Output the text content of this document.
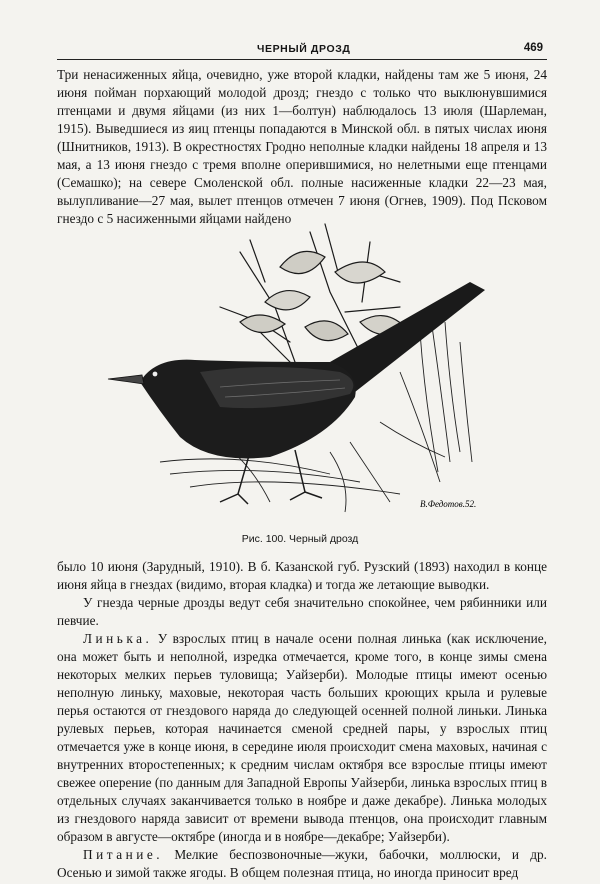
ЧЕРНЫЙ ДРОЗД	469

Три ненасиженных яйца, очевидно, уже второй кладки, найдены там же 5 июня, 24 июня пойман порхающий молодой дрозд; гнездо с только что выклюнувшимися птенцами и двумя яйцами (из них 1—болтун) наблюдалось 13 июля (Шарлеман, 1915). Выведшиеся из яиц птенцы попадаются в Минской обл. в пятых числах июня (Шнитников, 1913). В окрестностях Гродно неполные кладки найдены 18 апреля и 13 мая, а 13 июня гнездо с тремя вполне оперившимися, но нелетными еще птенцами (Семашко); на севере Смоленской обл. полные насиженные кладки 22—23 мая, вылупливание—27 мая, вылет птенцов отмечен 7 июня (Огнев, 1909). Под Псковом гнездо с 5 насиженными яйцами найдено

В.Федотов.52.
Рис. 100. Черный дрозд

было 10 июня (Зарудный, 1910). В б. Казанской губ. Рузский (1893) находил в конце июня яйца в гнездах (видимо, вторая кладка) и тогда же летающие выводки.

У гнезда черные дрозды ведут себя значительно спокойнее, чем рябинники или певчие.

Линька. У взрослых птиц в начале осени полная линька (как исключение, она может быть и неполной, изредка отмечается, кроме того, в конце зимы смена некоторых мелких перьев туловища; Уайзерби). Молодые птицы имеют осенью неполную линьку, маховые, некоторая часть больших кроющих крыла и рулевые перья остаются от гнездового наряда до следующей осенней полной линьки. Линька рулевых перьев, которая начинается сменой средней пары, у взрослых птиц отмечается уже в конце июня, в середине июля происходит смена маховых, начиная с внутренних второстепенных; к средним числам октября все взрослые птицы имеют свежее оперение (по данным для Западной Европы Уайзерби, линька взрослых птиц в отдельных случаях заканчивается только в ноябре и даже декабре). Линька молодых из гнездового наряда зависит от времени вывода птенцов, она происходит главным образом в августе—октябре (иногда и в ноябре—декабре; Уайзерби).

Питание. Мелкие беспозвоночные—жуки, бабочки, моллюски, и др. Осенью и зимой также ягоды. В общем полезная птица, но иногда приносит вред
